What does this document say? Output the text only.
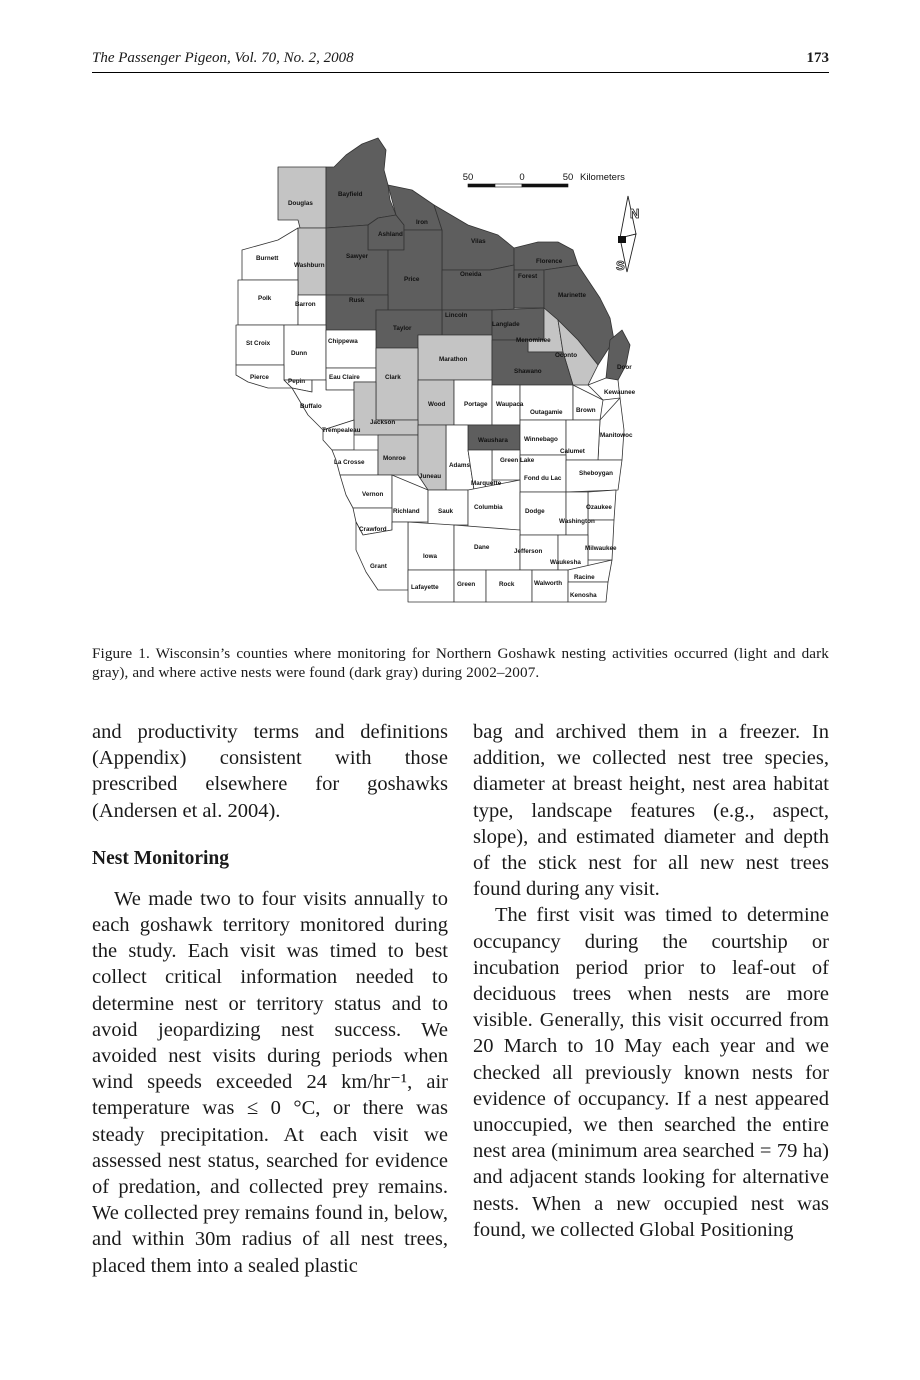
The Passenger Pigeon, Vol. 70, No. 2, 2008	173
Douglas
Bayfield
Ashland
Iron
Vilas
Florence
Burnett
Washburn
Sawyer
Price
Oneida	Forest
Marinette
Polk
Barron
Rusk
Lincoln
Langlade
Menominee
Oconto
Taylor
St Croix
Dunn
Chippewa
Marathon
Shawano
Door
Pierce
Pepin
Eau Claire	Clark
Kewaunee
Buffalo	Wood	Portage Waupaca
Outagamie Brown
Jackson
Trempealeau
Waushara	Winnebago
Manitowoc
Calumet
La Crosse
Monroe
Adams
Green Lake
Juneau
Marquette
Fond du Lac
Sheboygan
Vernon
Richland	Sauk
Columbia
Dodge
Ozaukee
Crawford
Washington
Iowa
Dane
Jefferson	Milwaukee
Grant
Waukesha
Racine
Lafayette	Green	Rock	Walworth
Kenosha
50	0	50 Kilometers
N
S
Figure 1. Wisconsin’s counties where monitoring for Northern Goshawk nesting activities occurred (light and dark gray), and where active nests were found (dark gray) during 2002–2007.

and productivity terms and definitions (Appendix) consistent with those prescribed elsewhere for goshawks (Andersen et al. 2004).

Nest Monitoring

We made two to four visits annually to each goshawk territory monitored during the study. Each visit was timed to best collect critical information needed to determine nest or territory status and to avoid jeopardizing nest success. We avoided nest visits during periods when wind speeds exceeded 24 km/hr⁻¹, air temperature was ≤ 0 °C, or there was steady precipitation. At each visit we assessed nest status, searched for evidence of predation, and collected prey remains. We collected prey remains found in, below, and within 30m radius of all nest trees, placed them into a sealed plastic

bag and archived them in a freezer. In addition, we collected nest tree species, diameter at breast height, nest area habitat type, landscape features (e.g., aspect, slope), and estimated diameter and depth of the stick nest for all new nest trees found during any visit.

The first visit was timed to determine occupancy during the courtship or incubation period prior to leaf-out of deciduous trees when nests are more visible. Generally, this visit occurred from 20 March to 10 May each year and we checked all previously known nests for evidence of occupancy. If a nest appeared unoccupied, we then searched the entire nest area (minimum area searched = 79 ha) and adjacent stands looking for alternative nests. When a new occupied nest was found, we collected Global Positioning
